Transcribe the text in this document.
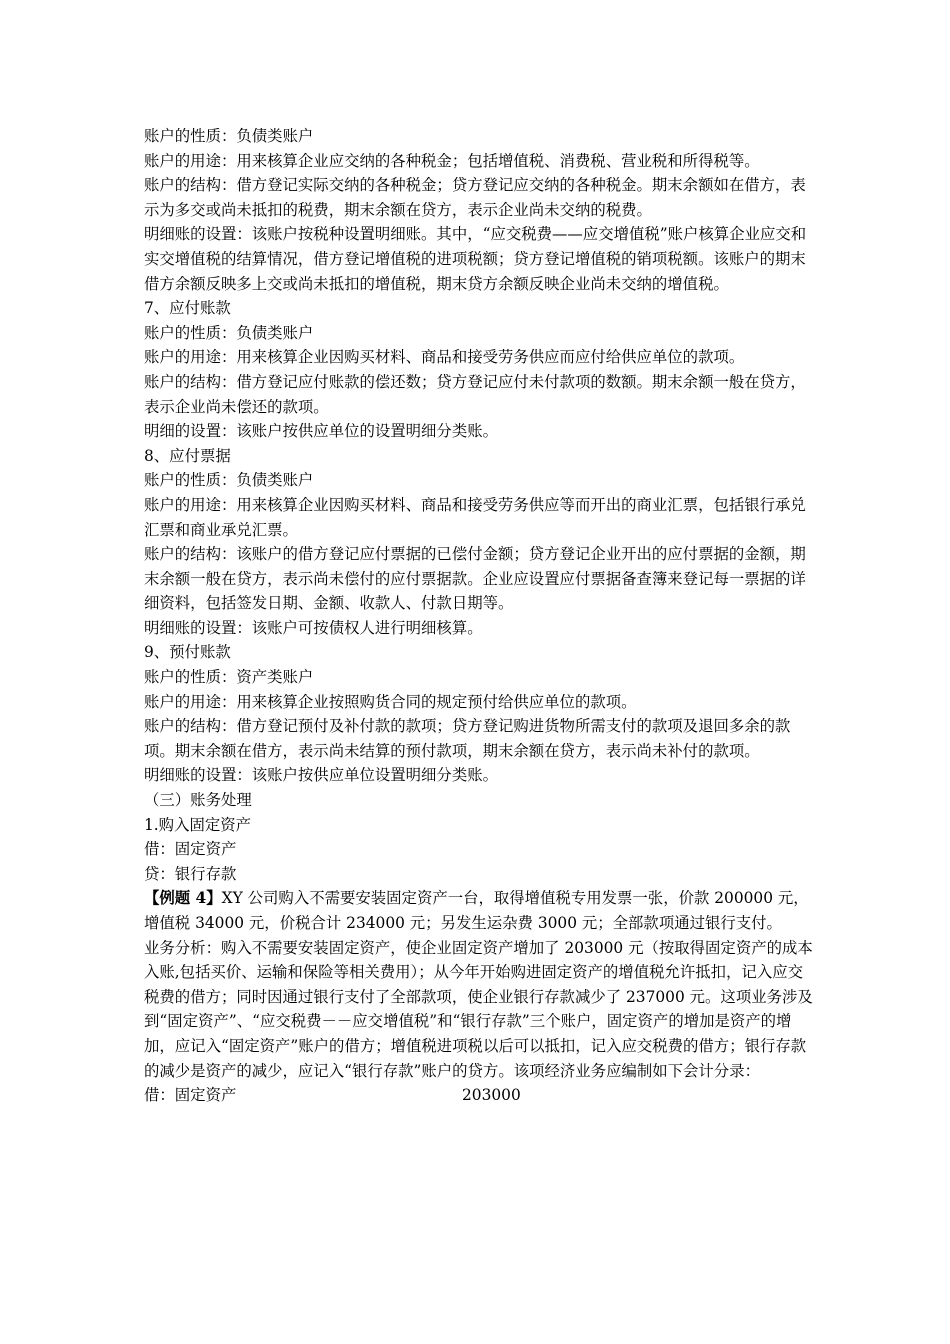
账户的性质：负债类账户

账户的用途：用来核算企业应交纳的各种税金；包括增值税、消费税、营业税和所得税等。

账户的结构：借方登记实际交纳的各种税金；贷方登记应交纳的各种税金。期末余额如在借方，表示为多交或尚未抵扣的税费，期末余额在贷方，表示企业尚未交纳的税费。

明细账的设置：该账户按税种设置明细账。其中，“应交税费——应交增值税”账户核算企业应交和实交增值税的结算情况，借方登记增值税的进项税额；贷方登记增值税的销项税额。该账户的期末借方余额反映多上交或尚未抵扣的增值税，期末贷方余额反映企业尚未交纳的增值税。

7、应付账款

账户的性质：负债类账户

账户的用途：用来核算企业因购买材料、商品和接受劳务供应而应付给供应单位的款项。

账户的结构：借方登记应付账款的偿还数；贷方登记应付未付款项的数额。期末余额一般在贷方，表示企业尚未偿还的款项。

明细的设置：该账户按供应单位的设置明细分类账。

8、应付票据

账户的性质：负债类账户

账户的用途：用来核算企业因购买材料、商品和接受劳务供应等而开出的商业汇票，包括银行承兑汇票和商业承兑汇票。

账户的结构：该账户的借方登记应付票据的已偿付金额；贷方登记企业开出的应付票据的金额，期末余额一般在贷方，表示尚未偿付的应付票据款。企业应设置应付票据备查簿来登记每一票据的详细资料，包括签发日期、金额、收款人、付款日期等。

明细账的设置：该账户可按债权人进行明细核算。

9、预付账款

账户的性质：资产类账户

账户的用途：用来核算企业按照购货合同的规定预付给供应单位的款项。

账户的结构：借方登记预付及补付款的款项；贷方登记购进货物所需支付的款项及退回多余的款项。期末余额在借方，表示尚未结算的预付款项，期末余额在贷方，表示尚未补付的款项。

明细账的设置：该账户按供应单位设置明细分类账。

（三）账务处理

1.购入固定资产

借：固定资产

贷：银行存款

【例题 4】XY 公司购入不需要安装固定资产一台，取得增值税专用发票一张，价款 200000 元，增值税 34000 元，价税合计 234000 元；另发生运杂费 3000 元；全部款项通过银行支付。

业务分析：购入不需要安装固定资产，使企业固定资产增加了 203000 元（按取得固定资产的成本入账,包括买价、运输和保险等相关费用）；从今年开始购进固定资产的增值税允许抵扣，记入应交税费的借方；同时因通过银行支付了全部款项，使企业银行存款减少了 237000 元。这项业务涉及到“固定资产”、“应交税费－－应交增值税”和“银行存款”三个账户，固定资产的增加是资产的增加，应记入“固定资产”账户的借方；增值税进项税以后可以抵扣，记入应交税费的借方；银行存款的减少是资产的减少，应记入“银行存款”账户的贷方。该项经济业务应编制如下会计分录：

借：固定资产	203000
